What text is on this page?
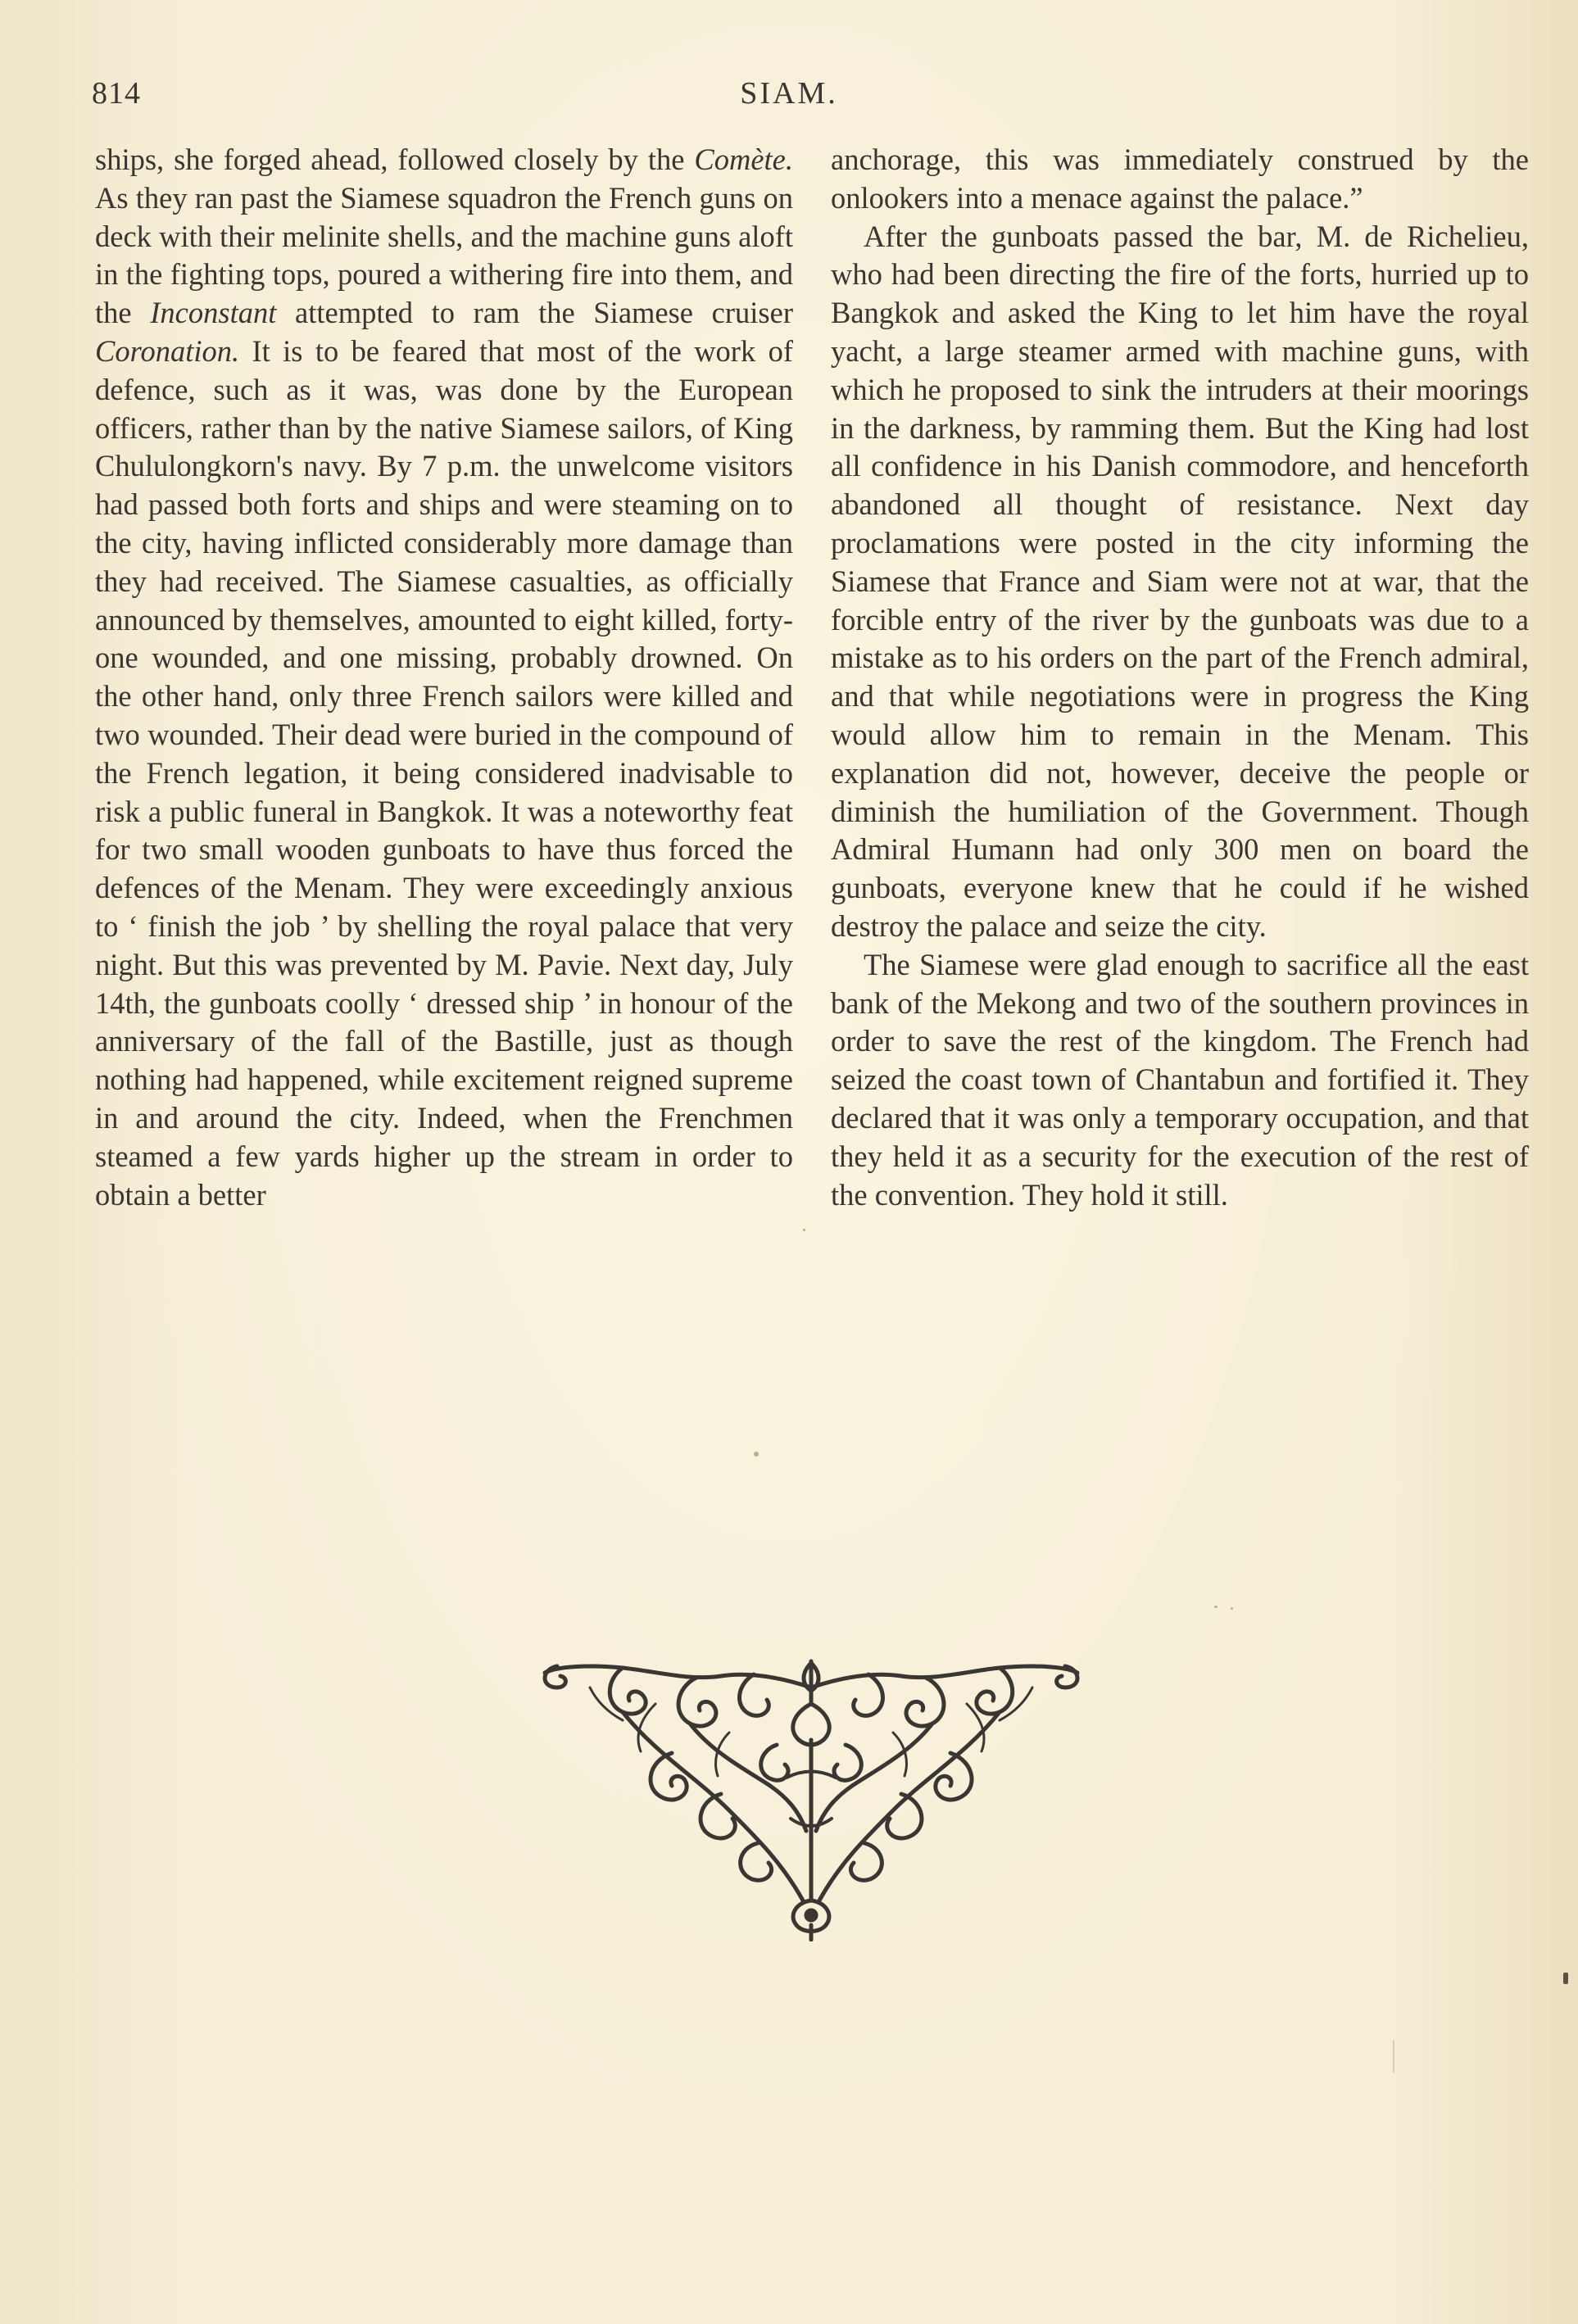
814	SIAM.

ships, she forged ahead, followed closely by the Comète. As they ran past the Siamese squadron the French guns on deck with their melinite shells, and the machine guns aloft in the fighting tops, poured a withering fire into them, and the Inconstant attempted to ram the Siamese cruiser Coronation. It is to be feared that most of the work of defence, such as it was, was done by the European officers, rather than by the native Siamese sailors, of King Chululongkorn's navy. By 7 p.m. the unwelcome visitors had passed both forts and ships and were steaming on to the city, having inflicted considerably more damage than they had received. The Siamese casualties, as officially announced by themselves, amounted to eight killed, forty-one wounded, and one missing, probably drowned. On the other hand, only three French sailors were killed and two wounded. Their dead were buried in the compound of the French legation, it being considered inadvisable to risk a public funeral in Bangkok. It was a noteworthy feat for two small wooden gunboats to have thus forced the defences of the Menam. They were exceedingly anxious to ‘ finish the job ’ by shelling the royal palace that very night. But this was prevented by M. Pavie. Next day, July 14th, the gunboats coolly ‘ dressed ship ’ in honour of the anniversary of the fall of the Bastille, just as though nothing had happened, while excitement reigned supreme in and around the city. Indeed, when the Frenchmen steamed a few yards higher up the stream in order to obtain a better

anchorage, this was immediately construed by the onlookers into a menace against the palace.”

After the gunboats passed the bar, M. de Richelieu, who had been directing the fire of the forts, hurried up to Bangkok and asked the King to let him have the royal yacht, a large steamer armed with machine guns, with which he proposed to sink the intruders at their moorings in the darkness, by ramming them. But the King had lost all confidence in his Danish commodore, and henceforth abandoned all thought of resistance. Next day proclamations were posted in the city informing the Siamese that France and Siam were not at war, that the forcible entry of the river by the gunboats was due to a mistake as to his orders on the part of the French admiral, and that while negotiations were in progress the King would allow him to remain in the Menam. This explanation did not, however, deceive the people or diminish the humiliation of the Government. Though Admiral Humann had only 300 men on board the gunboats, everyone knew that he could if he wished destroy the palace and seize the city.

The Siamese were glad enough to sacrifice all the east bank of the Mekong and two of the southern provinces in order to save the rest of the kingdom. The French had seized the coast town of Chantabun and fortified it. They declared that it was only a temporary occupation, and that they held it as a security for the execution of the rest of the convention. They hold it still.
